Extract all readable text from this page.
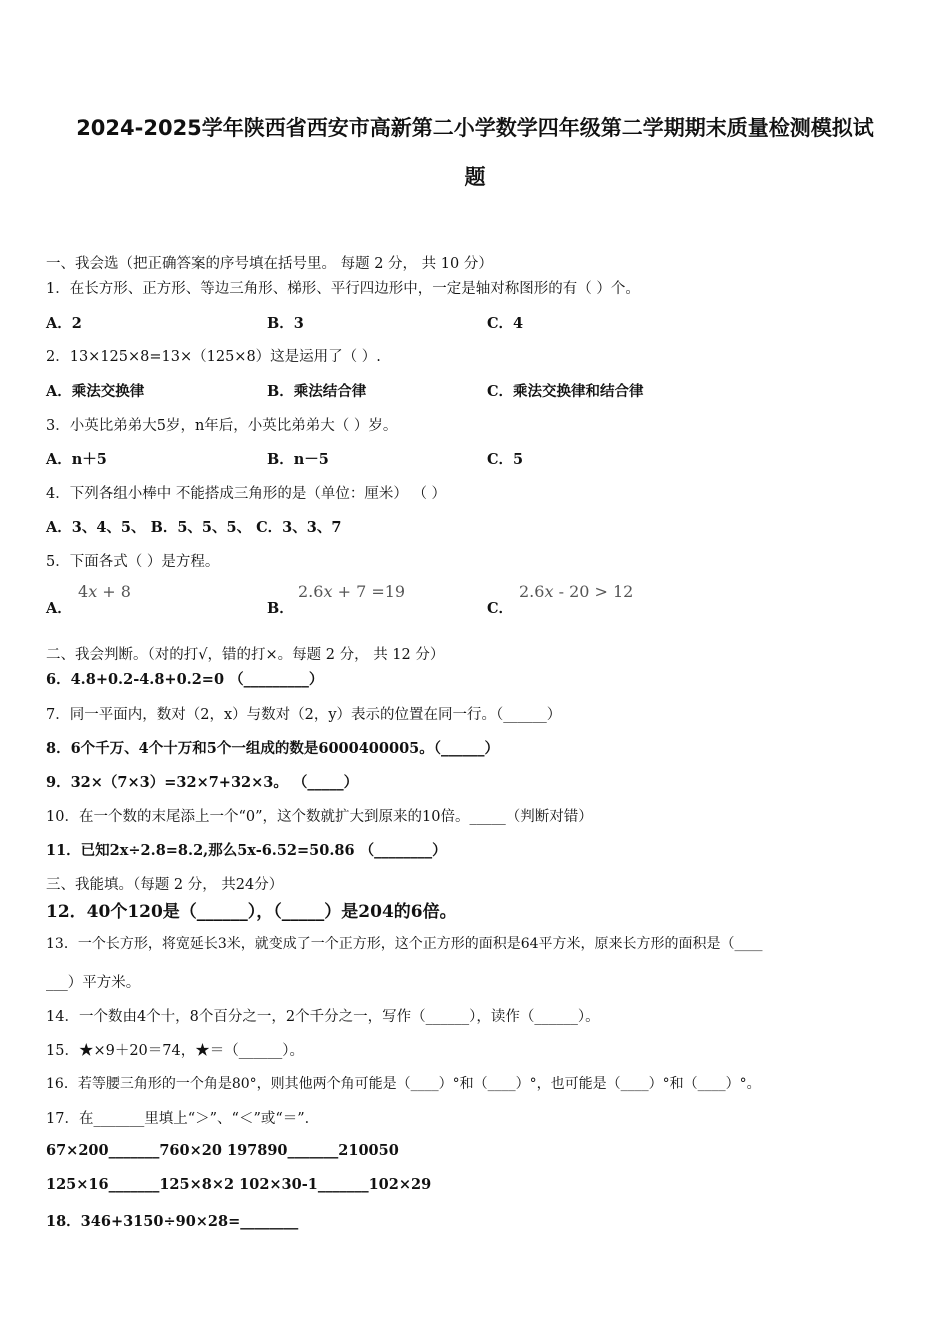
2024-2025学年陕西省西安市高新第二小学数学四年级第二学期期末质量检测模拟试
题
一、我会选（把正确答案的序号填在括号里。 每题 2 分， 共 10 分）
1．在长方形、正方形、等边三角形、梯形、平行四边形中，一定是轴对称图形的有（ ）个。
A．2	B．3	C．4
2．13×125×8=13×（125×8）这是运用了（ ）.
A．乘法交换律	B．乘法结合律	C．乘法交换律和结合律
3．小英比弟弟大5岁，n年后，小英比弟弟大（ ）岁。
A．n＋5	B．n－5	C．5
4．下列各组小棒中 不能搭成三角形的是（单位：厘米） （ ）
A．3、4、5、 B．5、5、5、 C．3、3、7
5．下面各式（ ）是方程。
A．
4x + 8
B．
2.6x + 7 =19
C．
2.6x - 20 > 12
二、我会判断。（对的打√，错的打×。每题 2 分， 共 12 分）
6．4.8+0.2-4.8+0.2=0 （_________）
7．同一平面内，数对（2，x）与数对（2，y）表示的位置在同一行。（______）
8．6个千万、4个十万和5个一组成的数是6000400005。（______）
9．32×（7×3）=32×7+32×3。 （_____）
10．在一个数的末尾添上一个“0”，这个数就扩大到原来的10倍。_____（判断对错）
11．已知2x÷2.8=8.2,那么5x-6.52=50.86 （________）
三、我能填。（每题 2 分， 共24分）
12．40个120是（______），（_____）是204的6倍。
13．一个长方形，将宽延长3米，就变成了一个正方形，这个正方形的面积是64平方米，原来长方形的面积是（____
___）平方米。
14．一个数由4个十，8个百分之一，2个千分之一，写作（______），读作（______）。
15．★×9＋20＝74，★＝（______）。
16．若等腰三角形的一个角是80°，则其他两个角可能是（____）°和（____）°，也可能是（____）°和（____）°。
17．在_______里填上“＞”、“＜”或“＝”．
67×200_______760×20 197890_______210050
125×16_______125×8×2 102×30-1_______102×29
18．346+3150÷90×28=________
